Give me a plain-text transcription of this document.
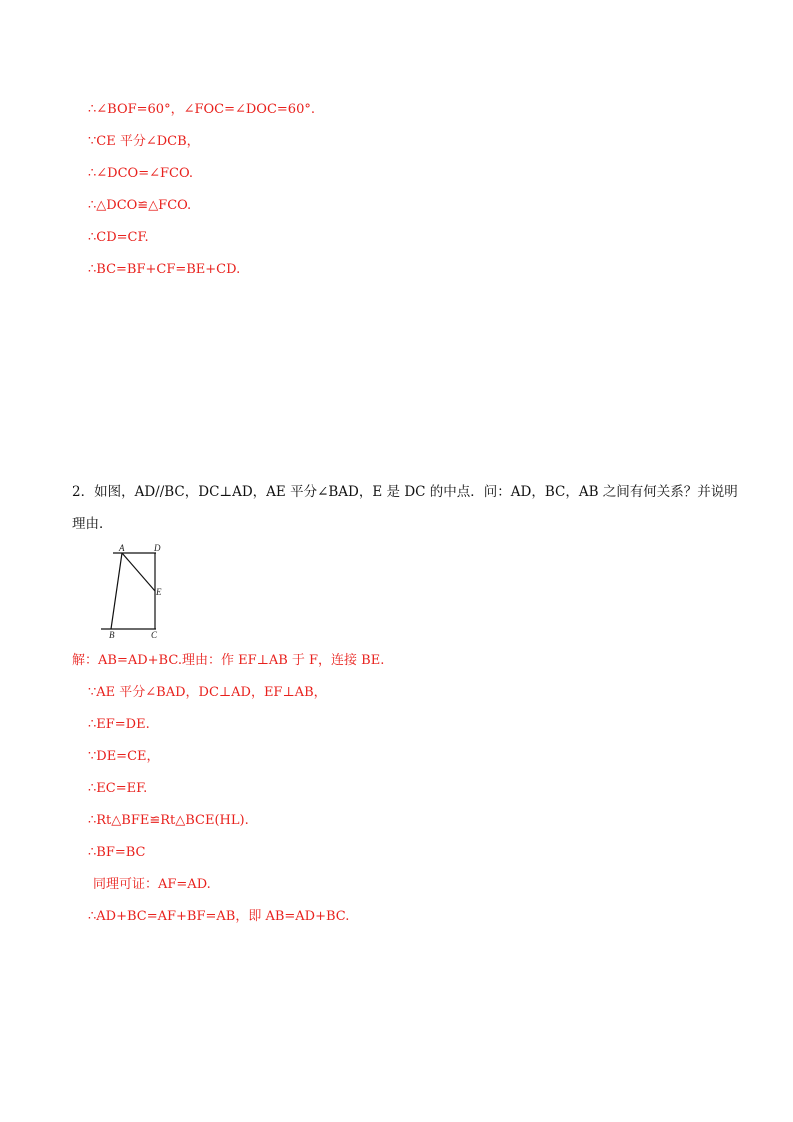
∴∠BOF=60°，∠FOC=∠DOC=60°.
∵CE 平分∠DCB，
∴∠DCO=∠FCO.
∴△DCO≌△FCO.
∴CD=CF.
∴BC=BF+CF=BE+CD.
2．如图，AD//BC，DC⊥AD，AE 平分∠BAD，E 是 DC 的中点．问：AD，BC，AB 之间有何关系？并说明
理由．
A	D
E
B	C
解：AB=AD+BC.理由：作 EF⊥AB 于 F，连接 BE.
∵AE 平分∠BAD，DC⊥AD，EF⊥AB，
∴EF=DE.
∵DE=CE，
∴EC=EF.
∴Rt△BFE≌Rt△BCE(HL).
∴BF=BC
同理可证：AF=AD.
∴AD+BC=AF+BF=AB，即 AB=AD+BC.
